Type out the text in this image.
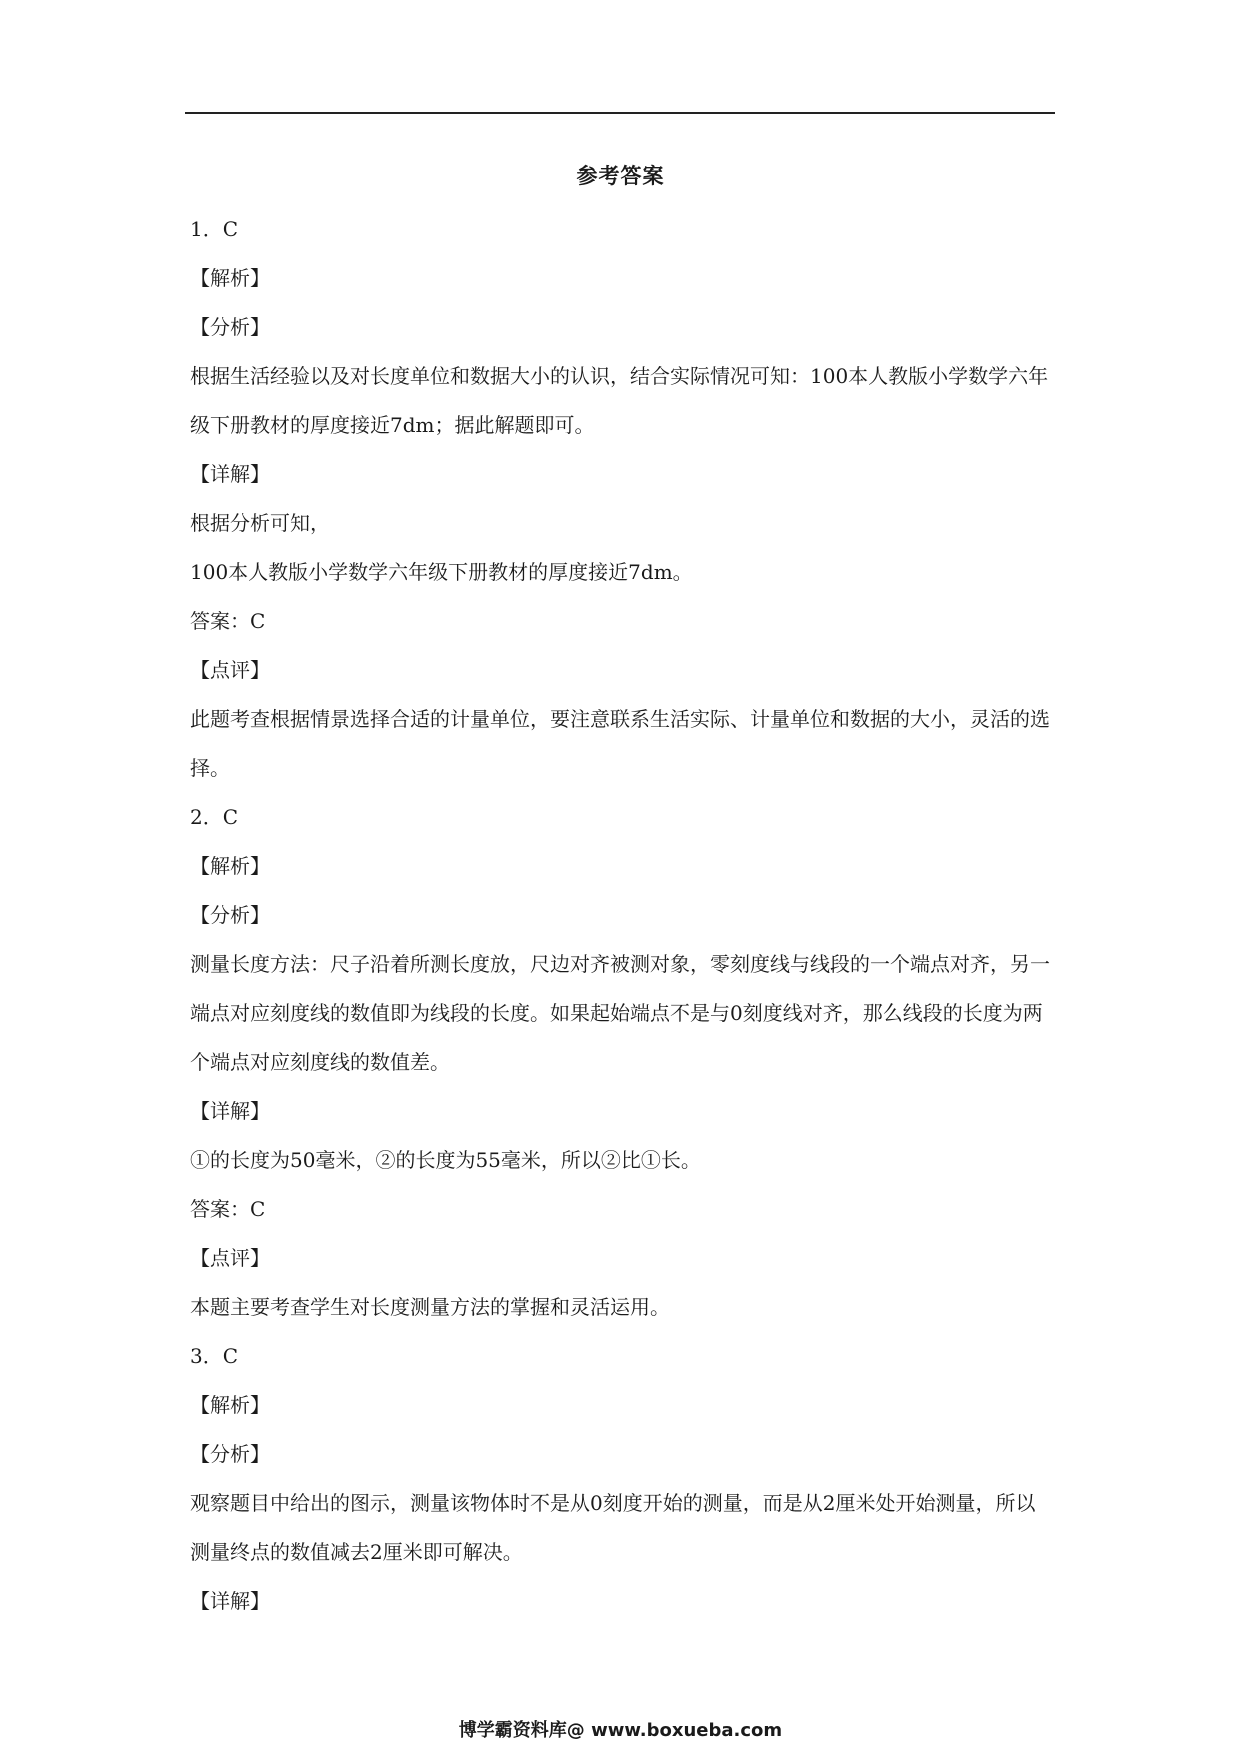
参考答案

1．C

【解析】

【分析】

根据生活经验以及对长度单位和数据大小的认识，结合实际情况可知：100本人教版小学数学六年级下册教材的厚度接近7dm；据此解题即可。

【详解】

根据分析可知，

100本人教版小学数学六年级下册教材的厚度接近7dm。

答案：C

【点评】

此题考查根据情景选择合适的计量单位，要注意联系生活实际、计量单位和数据的大小，灵活的选择。

2．C

【解析】

【分析】

测量长度方法：尺子沿着所测长度放，尺边对齐被测对象，零刻度线与线段的一个端点对齐，另一端点对应刻度线的数值即为线段的长度。如果起始端点不是与0刻度线对齐，那么线段的长度为两个端点对应刻度线的数值差。

【详解】

①的长度为50毫米，②的长度为55毫米，所以②比①长。

答案：C

【点评】

本题主要考查学生对长度测量方法的掌握和灵活运用。

3．C

【解析】

【分析】

观察题目中给出的图示，测量该物体时不是从0刻度开始的测量，而是从2厘米处开始测量，所以测量终点的数值减去2厘米即可解决。

【详解】

博学霸资料库@ www.boxueba.com
